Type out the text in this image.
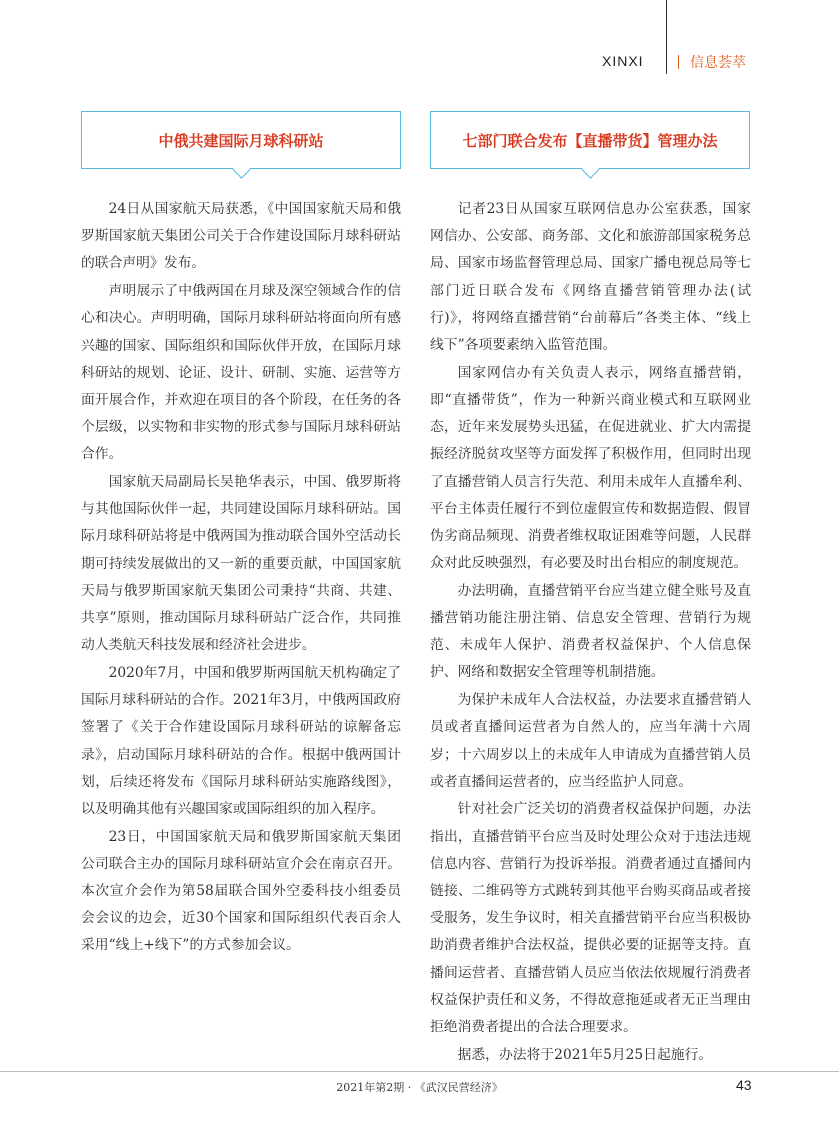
XINXI	信息荟萃
中俄共建国际月球科研站	七部门联合发布【直播带货】管理办法

24日从国家航天局获悉，《中国国家航天局和俄罗斯国家航天集团公司关于合作建设国际月球科研站的联合声明》发布。

声明展示了中俄两国在月球及深空领域合作的信心和决心。声明明确，国际月球科研站将面向所有感兴趣的国家、国际组织和国际伙伴开放，在国际月球科研站的规划、论证、设计、研制、实施、运营等方面开展合作，并欢迎在项目的各个阶段，在任务的各个层级，以实物和非实物的形式参与国际月球科研站合作。

国家航天局副局长吴艳华表示，中国、俄罗斯将与其他国际伙伴一起，共同建设国际月球科研站。国际月球科研站将是中俄两国为推动联合国外空活动长期可持续发展做出的又一新的重要贡献，中国国家航天局与俄罗斯国家航天集团公司秉持“共商、共建、共享”原则，推动国际月球科研站广泛合作，共同推动人类航天科技发展和经济社会进步。

2020年7月，中国和俄罗斯两国航天机构确定了国际月球科研站的合作。2021年3月，中俄两国政府签署了《关于合作建设国际月球科研站的谅解备忘录》，启动国际月球科研站的合作。根据中俄两国计划，后续还将发布《国际月球科研站实施路线图》，以及明确其他有兴趣国家或国际组织的加入程序。

23日，中国国家航天局和俄罗斯国家航天集团公司联合主办的国际月球科研站宣介会在南京召开。本次宣介会作为第58届联合国外空委科技小组委员会会议的边会，近30个国家和国际组织代表百余人采用“线上+线下”的方式参加会议。

记者23日从国家互联网信息办公室获悉，国家网信办、公安部、商务部、文化和旅游部国家税务总局、国家市场监督管理总局、国家广播电视总局等七部门近日联合发布《网络直播营销管理办法(试行)》，将网络直播营销“台前幕后”各类主体、“线上线下”各项要素纳入监管范围。

国家网信办有关负责人表示，网络直播营销，即“直播带货”，作为一种新兴商业模式和互联网业态，近年来发展势头迅猛，在促进就业、扩大内需提振经济脱贫攻坚等方面发挥了积极作用，但同时出现了直播营销人员言行失范、利用未成年人直播牟利、平台主体责任履行不到位虚假宣传和数据造假、假冒伪劣商品频现、消费者维权取证困难等问题，人民群众对此反映强烈，有必要及时出台相应的制度规范。

办法明确，直播营销平台应当建立健全账号及直播营销功能注册注销、信息安全管理、营销行为规范、未成年人保护、消费者权益保护、个人信息保护、网络和数据安全管理等机制措施。

为保护未成年人合法权益，办法要求直播营销人员或者直播间运营者为自然人的，应当年满十六周岁；十六周岁以上的未成年人申请成为直播营销人员或者直播间运营者的，应当经监护人同意。

针对社会广泛关切的消费者权益保护问题，办法指出，直播营销平台应当及时处理公众对于违法违规信息内容、营销行为投诉举报。消费者通过直播间内链接、二维码等方式跳转到其他平台购买商品或者接受服务，发生争议时，相关直播营销平台应当积极协助消费者维护合法权益，提供必要的证据等支持。直播间运营者、直播营销人员应当依法依规履行消费者权益保护责任和义务，不得故意拖延或者无正当理由拒绝消费者提出的合法合理要求。

据悉，办法将于2021年5月25日起施行。

2021年第2期 · 《武汉民营经济》	43
